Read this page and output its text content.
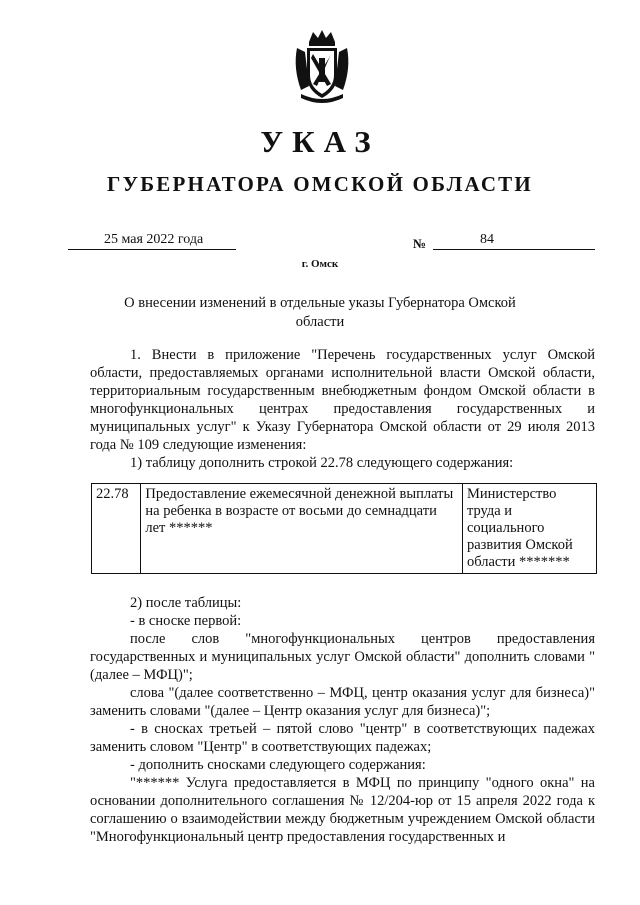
УКАЗ
ГУБЕРНАТОРА ОМСКОЙ ОБЛАСТИ
25 мая 2022 года	№	84
г. Омск
О внесении изменений в отдельные указы Губернатора Омской области

1. Внести в приложение "Перечень государственных услуг Омской области, предоставляемых органами исполнительной власти Омской области, территориальным государственным внебюджетным фондом Омской области в многофункциональных центрах предоставления государственных и муниципальных услуг" к Указу Губернатора Омской области от 29 июля 2013 года № 109 следующие изменения:

1) таблицу дополнить строкой 22.78 следующего содержания:

22.78	Предоставление ежемесячной денежной выплаты на ребенка в возрасте от восьми до семнадцати лет ******	Министерство труда и социального развития Омской области *******

2) после таблицы:

- в сноске первой:

после слов "многофункциональных центров предоставления государственных и муниципальных услуг Омской области" дополнить словами "(далее – МФЦ)";

слова "(далее соответственно – МФЦ, центр оказания услуг для бизнеса)" заменить словами "(далее – Центр оказания услуг для бизнеса)";

- в сносках третьей – пятой слово "центр" в соответствующих падежах заменить словом "Центр" в соответствующих падежах;

- дополнить сносками следующего содержания:

"****** Услуга предоставляется в МФЦ по принципу "одного окна" на основании дополнительного соглашения № 12/204-юр от 15 апреля 2022 года к соглашению о взаимодействии между бюджетным учреждением Омской области "Многофункциональный центр предоставления государственных и
